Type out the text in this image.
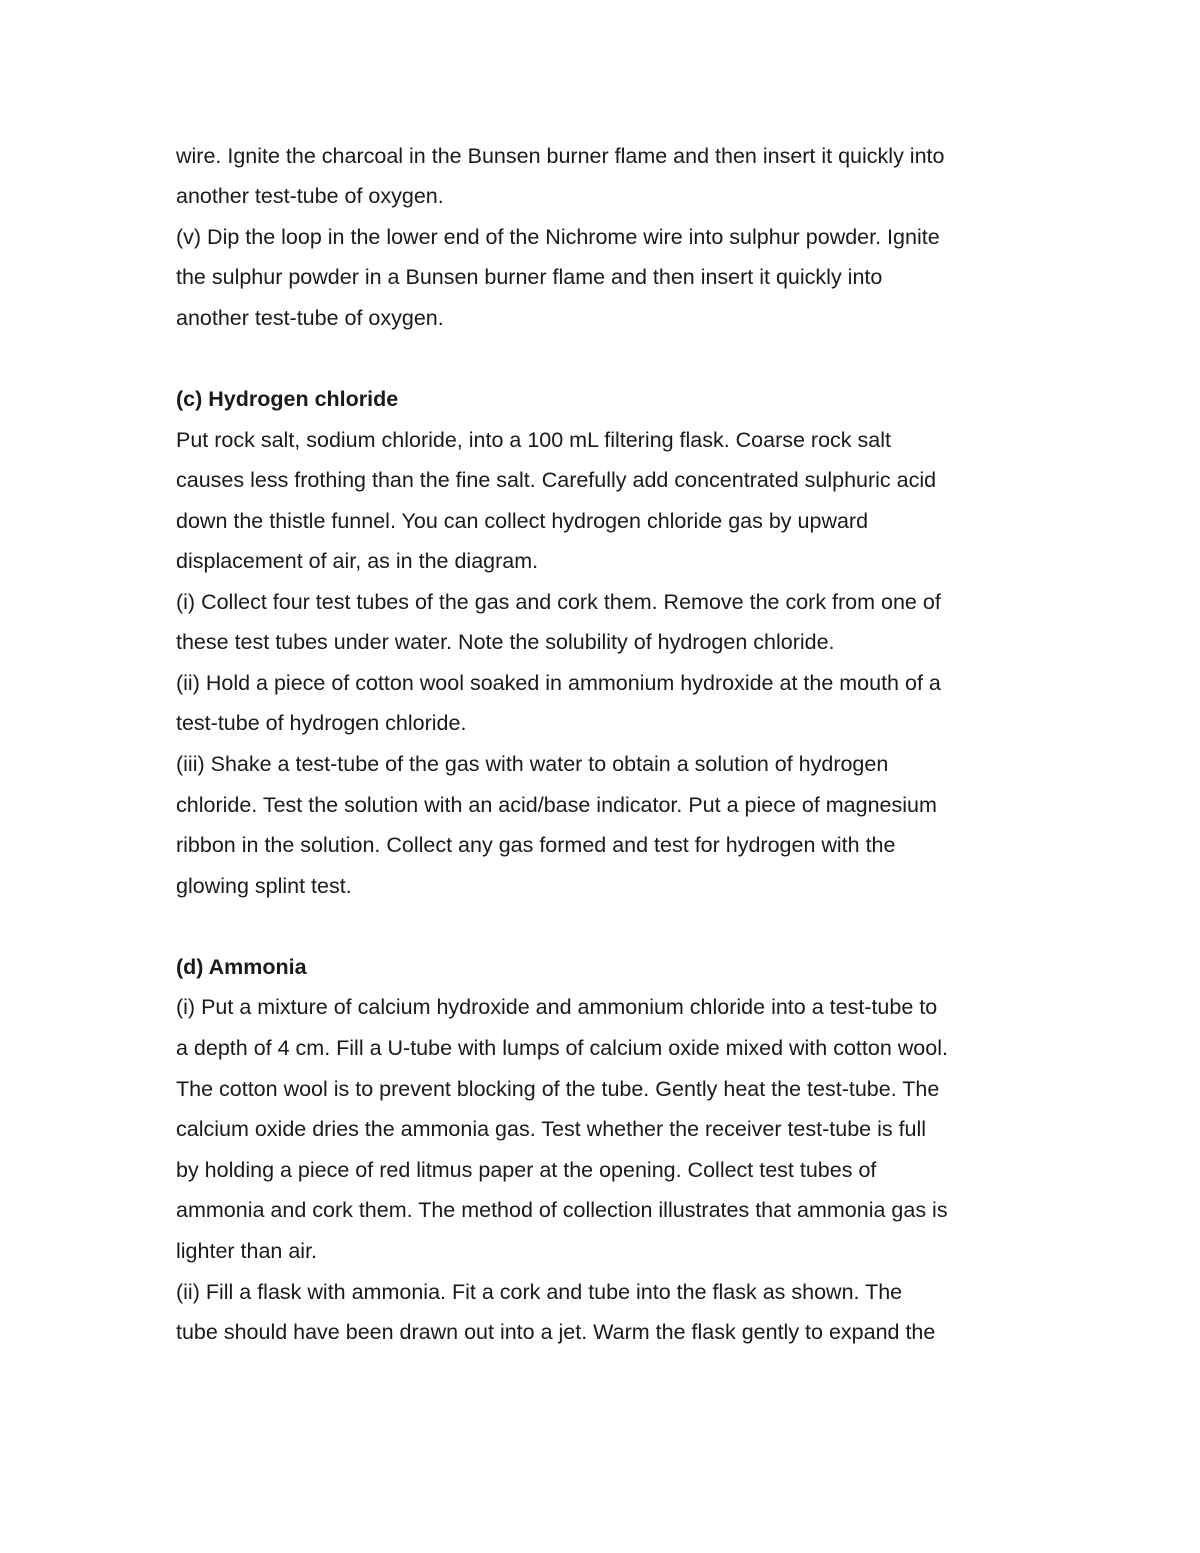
wire. Ignite the charcoal in the Bunsen burner flame and then insert it quickly into

another test-tube of oxygen.

(v) Dip the loop in the lower end of the Nichrome wire into sulphur powder. Ignite

the sulphur powder in a Bunsen burner flame and then insert it quickly into

another test-tube of oxygen.

(c) Hydrogen chloride

Put rock salt, sodium chloride, into a 100 mL filtering flask. Coarse rock salt

causes less frothing than the fine salt. Carefully add concentrated sulphuric acid

down the thistle funnel. You can collect hydrogen chloride gas by upward

displacement of air, as in the diagram.

(i) Collect four test tubes of the gas and cork them. Remove the cork from one of

these test tubes under water. Note the solubility of hydrogen chloride.

(ii) Hold a piece of cotton wool soaked in ammonium hydroxide at the mouth of a

test-tube of hydrogen chloride.

(iii) Shake a test-tube of the gas with water to obtain a solution of hydrogen

chloride. Test the solution with an acid/base indicator. Put a piece of magnesium

ribbon in the solution. Collect any gas formed and test for hydrogen with the

glowing splint test.

(d) Ammonia

(i) Put a mixture of calcium hydroxide and ammonium chloride into a test-tube to

a depth of 4 cm. Fill a U-tube with lumps of calcium oxide mixed with cotton wool.

The cotton wool is to prevent blocking of the tube. Gently heat the test-tube. The

calcium oxide dries the ammonia gas. Test whether the receiver test-tube is full

by holding a piece of red litmus paper at the opening. Collect test tubes of

ammonia and cork them. The method of collection illustrates that ammonia gas is

lighter than air.

(ii) Fill a flask with ammonia. Fit a cork and tube into the flask as shown. The

tube should have been drawn out into a jet. Warm the flask gently to expand the
